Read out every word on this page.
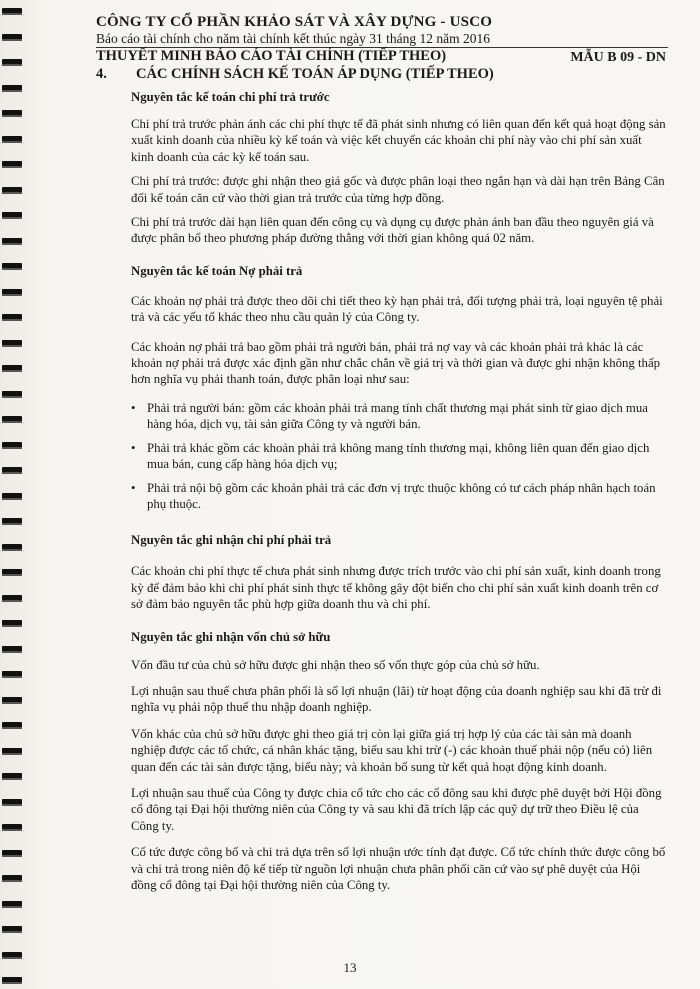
CÔNG TY CỔ PHẦN KHẢO SÁT VÀ XÂY DỰNG - USCO
Báo cáo tài chính cho năm tài chính kết thúc ngày 31 tháng 12 năm 2016
THUYẾT MINH BÁO CÁO TÀI CHÍNH (TIẾP THEO)	MẪU B 09 - DN
4. CÁC CHÍNH SÁCH KẾ TOÁN ÁP DỤNG (TIẾP THEO)

Nguyên tắc kế toán chi phí trả trước

Chi phí trả trước phản ánh các chi phí thực tế đã phát sinh nhưng có liên quan đến kết quả hoạt động sản xuất kinh doanh của nhiều kỳ kế toán và việc kết chuyển các khoản chi phí này vào chi phí sản xuất kinh doanh của các kỳ kế toán sau.

Chi phí trả trước: được ghi nhận theo giá gốc và được phân loại theo ngắn hạn và dài hạn trên Bảng Cân đối kế toán căn cứ vào thời gian trả trước của từng hợp đồng.

Chi phí trả trước dài hạn liên quan đến công cụ và dụng cụ được phản ánh ban đầu theo nguyên giá và được phân bổ theo phương pháp đường thẳng với thời gian không quá 02 năm.

Nguyên tắc kế toán Nợ phải trả

Các khoản nợ phải trả được theo dõi chi tiết theo kỳ hạn phải trả, đối tượng phải trả, loại nguyên tệ phải trả và các yếu tố khác theo nhu cầu quản lý của Công ty.

Các khoản nợ phải trả bao gồm phải trả người bán, phải trả nợ vay và các khoản phải trả khác là các khoản nợ phải trả được xác định gần như chắc chắn về giá trị và thời gian và được ghi nhận không thấp hơn nghĩa vụ phải thanh toán, được phân loại như sau:

• Phải trả người bán: gồm các khoản phải trả mang tính chất thương mại phát sinh từ giao dịch mua hàng hóa, dịch vụ, tài sản giữa Công ty và người bán.
• Phải trả khác gồm các khoản phải trả không mang tính thương mại, không liên quan đến giao dịch mua bán, cung cấp hàng hóa dịch vụ;
• Phải trả nội bộ gồm các khoản phải trả các đơn vị trực thuộc không có tư cách pháp nhân hạch toán phụ thuộc.

Nguyên tắc ghi nhận chi phí phải trả

Các khoản chi phí thực tế chưa phát sinh nhưng được trích trước vào chi phí sản xuất, kinh doanh trong kỳ để đảm bảo khi chi phí phát sinh thực tế không gây đột biến cho chi phí sản xuất kinh doanh trên cơ sở đảm bảo nguyên tắc phù hợp giữa doanh thu và chi phí.

Nguyên tắc ghi nhận vốn chủ sở hữu

Vốn đầu tư của chủ sở hữu được ghi nhận theo số vốn thực góp của chủ sở hữu.

Lợi nhuận sau thuế chưa phân phối là số lợi nhuận (lãi) từ hoạt động của doanh nghiệp sau khi đã trừ đi nghĩa vụ phải nộp thuế thu nhập doanh nghiệp.

Vốn khác của chủ sở hữu được ghi theo giá trị còn lại giữa giá trị hợp lý của các tài sản mà doanh nghiệp được các tổ chức, cá nhân khác tặng, biếu sau khi trừ (-) các khoản thuế phải nộp (nếu có) liên quan đến các tài sản được tặng, biếu này; và khoản bổ sung từ kết quả hoạt động kinh doanh.

Lợi nhuận sau thuế của Công ty được chia cổ tức cho các cổ đông sau khi được phê duyệt bởi Hội đồng cổ đông tại Đại hội thường niên của Công ty và sau khi đã trích lập các quỹ dự trữ theo Điều lệ của Công ty.

Cổ tức được công bố và chi trả dựa trên số lợi nhuận ước tính đạt được. Cổ tức chính thức được công bố và chi trả trong niên độ kế tiếp từ nguồn lợi nhuận chưa phân phối căn cứ vào sự phê duyệt của Hội đồng cổ đông tại Đại hội thường niên của Công ty.

13
